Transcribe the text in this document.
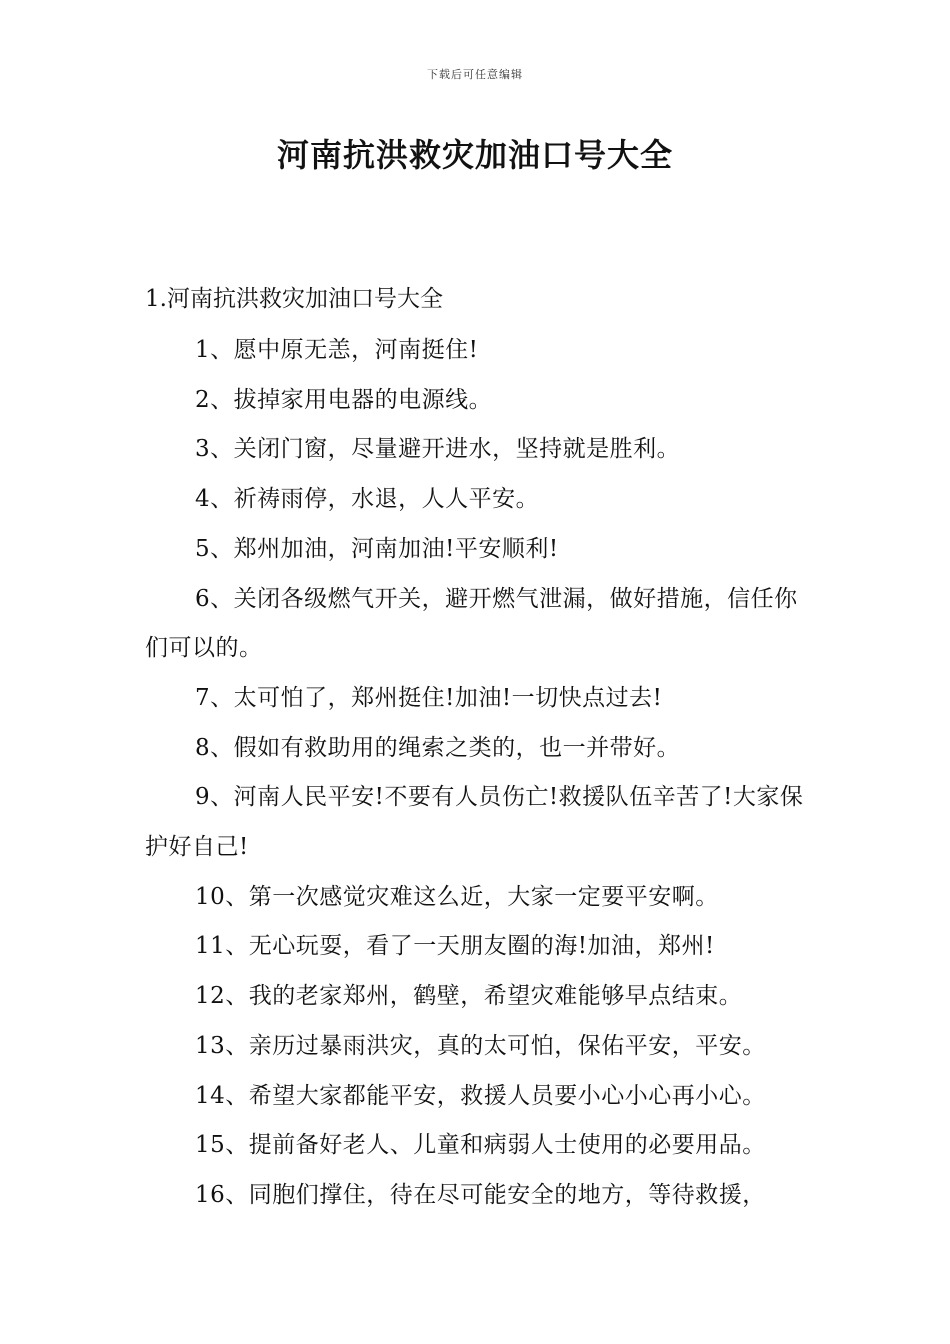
下载后可任意编辑
河南抗洪救灾加油口号大全
1.河南抗洪救灾加油口号大全
1、愿中原无恙，河南挺住!
2、拔掉家用电器的电源线。
3、关闭门窗，尽量避开进水，坚持就是胜利。
4、祈祷雨停，水退，人人平安。
5、郑州加油，河南加油!平安顺利!
6、关闭各级燃气开关，避开燃气泄漏，做好措施，信任你们可以的。
7、太可怕了，郑州挺住!加油!一切快点过去!
8、假如有救助用的绳索之类的，也一并带好。
9、河南人民平安!不要有人员伤亡!救援队伍辛苦了!大家保护好自己!
10、第一次感觉灾难这么近，大家一定要平安啊。
11、无心玩耍，看了一天朋友圈的海!加油，郑州!
12、我的老家郑州，鹤壁，希望灾难能够早点结束。
13、亲历过暴雨洪灾，真的太可怕，保佑平安，平安。
14、希望大家都能平安，救援人员要小心小心再小心。
15、提前备好老人、儿童和病弱人士使用的必要用品。
16、同胞们撑住，待在尽可能安全的地方，等待救援，
